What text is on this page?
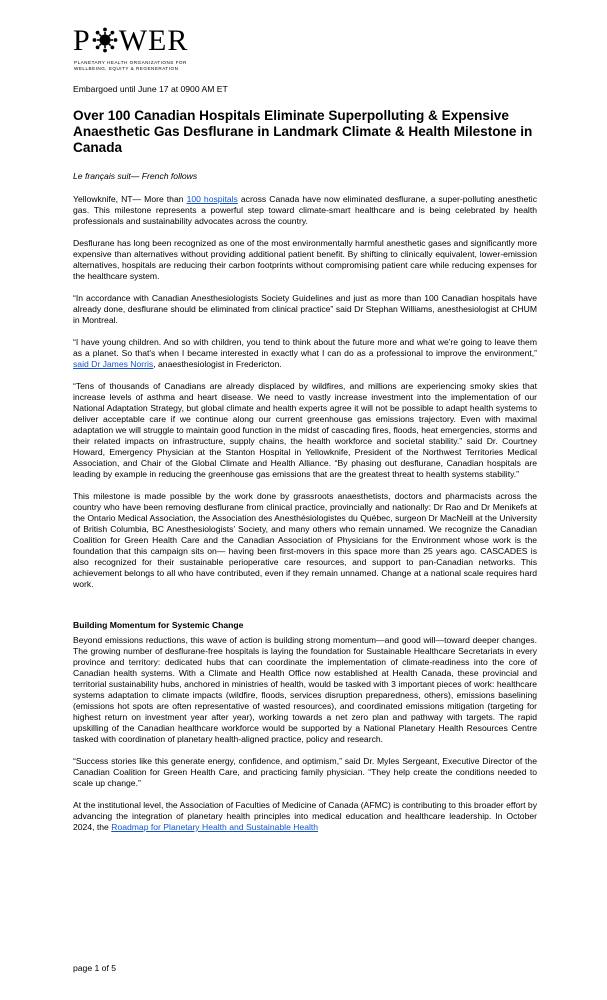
P WER
PLANETARY HEALTH ORGANIZATIONS FOR
WELLBEING, EQUITY & REGENERATION
Embargoed until June 17 at 0900 AM ET
Over 100 Canadian Hospitals Eliminate Superpolluting & Expensive Anaesthetic Gas Desflurane in Landmark Climate & Health Milestone in Canada

Le français suit— French follows

Yellowknife, NT— More than 100 hospitals across Canada have now eliminated desflurane, a super-polluting anesthetic gas. This milestone represents a powerful step toward climate-smart healthcare and is being celebrated by health professionals and sustainability advocates across the country.

Desflurane has long been recognized as one of the most environmentally harmful anesthetic gases and significantly more expensive than alternatives without providing additional patient benefit. By shifting to clinically equivalent, lower-emission alternatives, hospitals are reducing their carbon footprints without compromising patient care while reducing expenses for the healthcare system.

“In accordance with Canadian Anesthesiologists Society Guidelines and just as more than 100 Canadian hospitals have already done, desflurane should be eliminated from clinical practice” said Dr Stephan Williams, anesthesiologist at CHUM in Montreal.

“I have young children. And so with children, you tend to think about the future more and what we're going to leave them as a planet. So that's when I became interested in exactly what I can do as a professional to improve the environment,” said Dr James Norris, anaesthesiologist in Fredericton.

“Tens of thousands of Canadians are already displaced by wildfires, and millions are experiencing smoky skies that increase levels of asthma and heart disease. We need to vastly increase investment into the implementation of our National Adaptation Strategy, but global climate and health experts agree it will not be possible to adapt health systems to deliver acceptable care if we continue along our current greenhouse gas emissions trajectory. Even with maximal adaptation we will struggle to maintain good function in the midst of cascading fires, floods, heat emergencies, storms and their related impacts on infrastructure, supply chains, the health workforce and societal stability.” said Dr. Courtney Howard, Emergency Physician at the Stanton Hospital in Yellowknife, President of the Northwest Territories Medical Association, and Chair of the Global Climate and Health Alliance. “By phasing out desflurane, Canadian hospitals are leading by example in reducing the greenhouse gas emissions that are the greatest threat to health systems stability.”

This milestone is made possible by the work done by grassroots anaesthetists, doctors and pharmacists across the country who have been removing desflurane from clinical practice, provincially and nationally: Dr Rao and Dr Menikefs at the Ontario Medical Association, the Association des Anesthésiologistes du Québec, surgeon Dr MacNeill at the University of British Columbia, BC Anesthesiologists’ Society, and many others who remain unnamed. We recognize the Canadian Coalition for Green Health Care and the Canadian Association of Physicians for the Environment whose work is the foundation that this campaign sits on— having been first-movers in this space more than 25 years ago. CASCADES is also recognized for their sustainable perioperative care resources, and support to pan-Canadian networks. This achievement belongs to all who have contributed, even if they remain unnamed. Change at a national scale requires hard work.

Building Momentum for Systemic Change

Beyond emissions reductions, this wave of action is building strong momentum—and good will—toward deeper changes. The growing number of desflurane-free hospitals is laying the foundation for Sustainable Healthcare Secretariats in every province and territory: dedicated hubs that can coordinate the implementation of climate-readiness into the core of Canadian health systems. With a Climate and Health Office now established at Health Canada, these provincial and territorial sustainability hubs, anchored in ministries of health, would be tasked with 3 important pieces of work: healthcare systems adaptation to climate impacts (wildfire, floods, services disruption preparedness, others), emissions baselining (emissions hot spots are often representative of wasted resources), and coordinated emissions mitigation (targeting for highest return on investment year after year), working towards a net zero plan and pathway with targets. The rapid upskilling of the Canadian healthcare workforce would be supported by a National Planetary Health Resources Centre tasked with coordination of planetary health-aligned practice, policy and research.

“Success stories like this generate energy, confidence, and optimism,” said Dr. Myles Sergeant, Executive Director of the Canadian Coalition for Green Health Care, and practicing family physician. “They help create the conditions needed to scale up change.”

At the institutional level, the Association of Faculties of Medicine of Canada (AFMC) is contributing to this broader effort by advancing the integration of planetary health principles into medical education and healthcare leadership. In October 2024, the Roadmap for Planetary Health and Sustainable Health

page 1 of 5
